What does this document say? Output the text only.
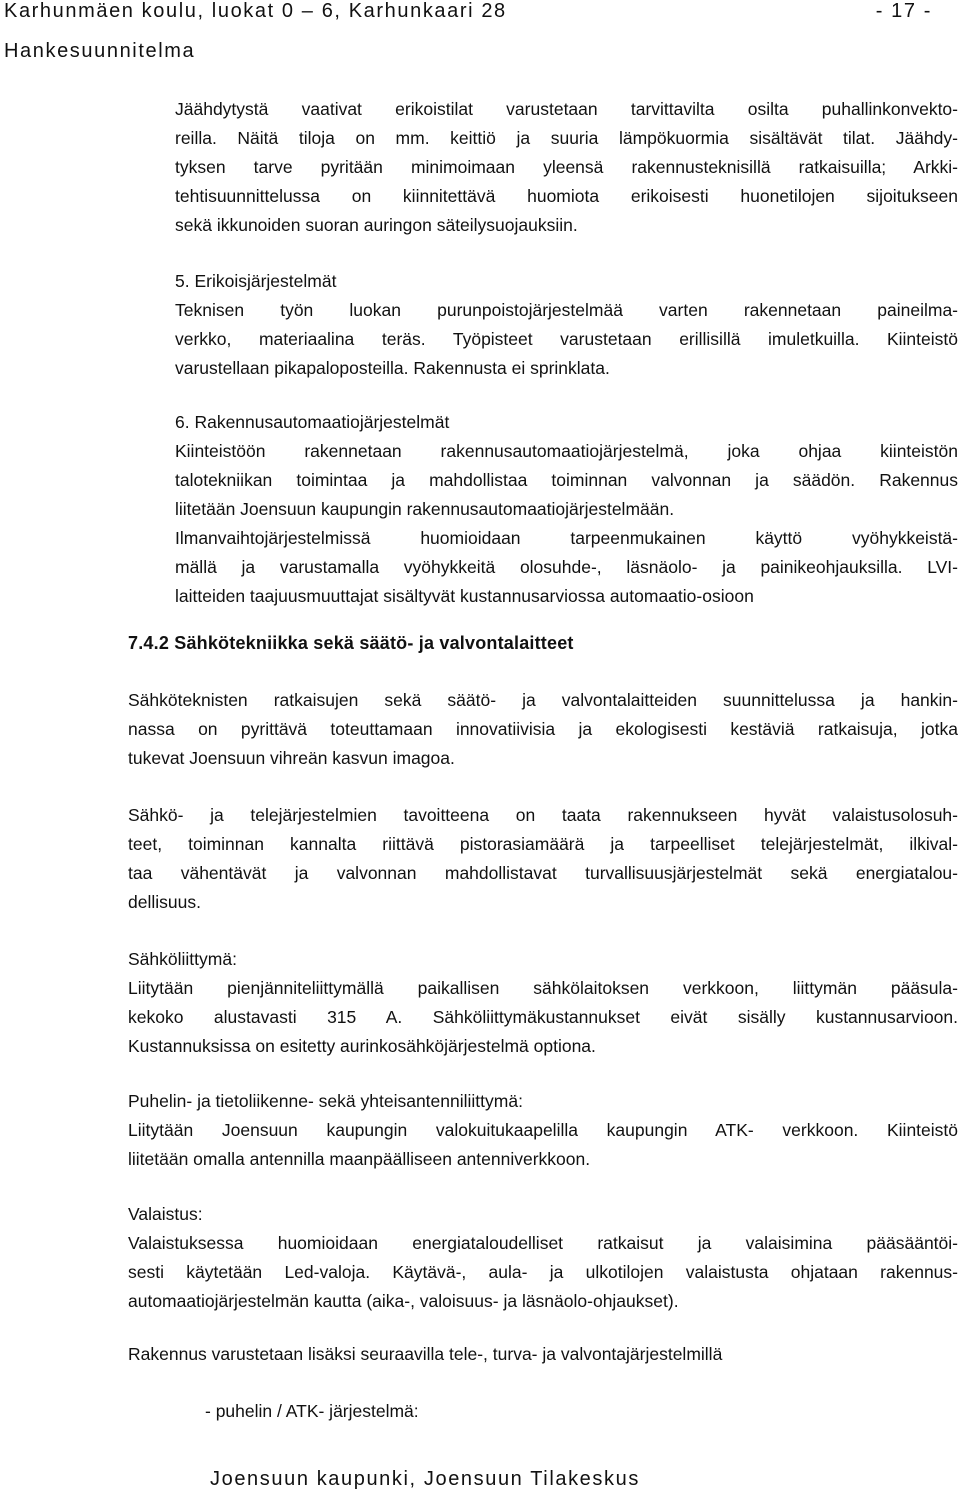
Karhunmäen koulu, luokat 0 – 6, Karhunkaari 28
Hankesuunnitelma
- 17 -
Jäähdytystä vaativat erikoistilat varustetaan tarvittavilta osilta puhallinkonvekto-
reilla. Näitä tiloja on mm. keittiö ja suuria lämpökuormia sisältävät tilat. Jäähdy-
tyksen tarve pyritään minimoimaan yleensä rakennusteknisillä ratkaisuilla; Arkki-
tehtisuunnittelussa on kiinnitettävä huomiota erikoisesti huonetilojen sijoitukseen
sekä ikkunoiden suoran auringon säteilysuojauksiin.
5. Erikoisjärjestelmät
Teknisen työn luokan purunpoistojärjestelmää varten rakennetaan paineilma-
verkko, materiaalina teräs. Työpisteet varustetaan erillisillä imuletkuilla. Kiinteistö
varustellaan pikapaloposteilla. Rakennusta ei sprinklata.
6. Rakennusautomaatiojärjestelmät
Kiinteistöön rakennetaan rakennusautomaatiojärjestelmä, joka ohjaa kiinteistön
talotekniikan toimintaa ja mahdollistaa toiminnan valvonnan ja säädön. Rakennus
liitetään Joensuun kaupungin rakennusautomaatiojärjestelmään.
Ilmanvaihtojärjestelmissä huomioidaan tarpeenmukainen käyttö vyöhykkeistä-
mällä ja varustamalla vyöhykkeitä olosuhde-, läsnäolo- ja painikeohjauksilla. LVI-
laitteiden taajuusmuuttajat sisältyvät kustannusarviossa automaatio-osioon
7.4.2 Sähkötekniikka sekä säätö- ja valvontalaitteet
Sähköteknisten ratkaisujen sekä säätö- ja valvontalaitteiden suunnittelussa ja hankin-
nassa on pyrittävä toteuttamaan innovatiivisia ja ekologisesti kestäviä ratkaisuja, jotka
tukevat Joensuun vihreän kasvun imagoa.
Sähkö- ja telejärjestelmien tavoitteena on taata rakennukseen hyvät valaistusolosuh-
teet, toiminnan kannalta riittävä pistorasiamäärä ja tarpeelliset telejärjestelmät, ilkival-
taa vähentävät ja valvonnan mahdollistavat turvallisuusjärjestelmät sekä energiatalou-
dellisuus.
Sähköliittymä:
Liitytään pienjänniteliittymällä paikallisen sähkölaitoksen verkkoon, liittymän pääsula-
kekoko alustavasti 315 A. Sähköliittymäkustannukset eivät sisälly kustannusarvioon.
Kustannuksissa on esitetty aurinkosähköjärjestelmä optiona.
Puhelin- ja tietoliikenne- sekä yhteisantenniliittymä:
Liitytään Joensuun kaupungin valokuitukaapelilla kaupungin ATK- verkkoon. Kiinteistö
liitetään omalla antennilla maanpäälliseen antenniverkkoon.
Valaistus:
Valaistuksessa huomioidaan energiataloudelliset ratkaisut ja valaisimina pääsääntöi-
sesti käytetään Led-valoja. Käytävä-, aula- ja ulkotilojen valaistusta ohjataan rakennus-
automaatiojärjestelmän kautta (aika-, valoisuus- ja läsnäolo-ohjaukset).
Rakennus varustetaan lisäksi seuraavilla tele-, turva- ja valvontajärjestelmillä
- puhelin / ATK- järjestelmä:
Joensuun kaupunki, Joensuun Tilakeskus
